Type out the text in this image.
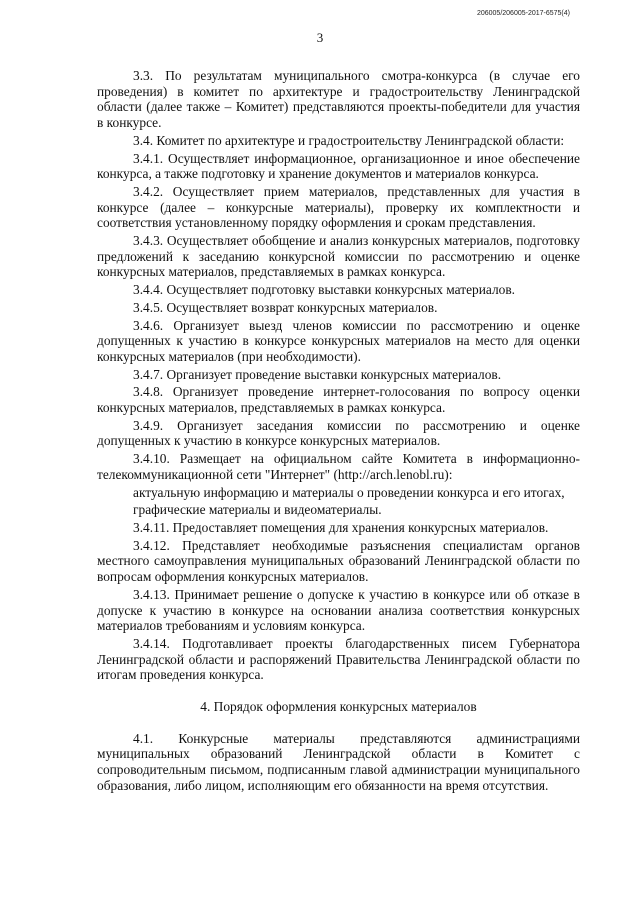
206005/206005-2017-6575(4)
3

3.3. По результатам муниципального смотра-конкурса (в случае его проведения) в комитет по архитектуре и градостроительству Ленинградской области (далее также – Комитет) представляются проекты-победители для участия в конкурсе.

3.4. Комитет по архитектуре и градостроительству Ленинградской области:

3.4.1. Осуществляет информационное, организационное и иное обеспечение конкурса, а также подготовку и хранение документов и материалов конкурса.

3.4.2. Осуществляет прием материалов, представленных для участия в конкурсе (далее – конкурсные материалы), проверку их комплектности и соответствия установленному порядку оформления и срокам представления.

3.4.3. Осуществляет обобщение и анализ конкурсных материалов, подготовку предложений к заседанию конкурсной комиссии по рассмотрению и оценке конкурсных материалов, представляемых в рамках конкурса.

3.4.4. Осуществляет подготовку выставки конкурсных материалов.

3.4.5. Осуществляет возврат конкурсных материалов.

3.4.6. Организует выезд членов комиссии по рассмотрению и оценке допущенных к участию в конкурсе конкурсных материалов на место для оценки конкурсных материалов (при необходимости).

3.4.7. Организует проведение выставки конкурсных материалов.

3.4.8. Организует проведение интернет-голосования по вопросу оценки конкурсных материалов, представляемых в рамках конкурса.

3.4.9. Организует заседания комиссии по рассмотрению и оценке допущенных к участию в конкурсе конкурсных материалов.

3.4.10. Размещает на официальном сайте Комитета в информационно-телекоммуникационной сети "Интернет" (http://arch.lenobl.ru):

актуальную информацию и материалы о проведении конкурса и его итогах,

графические материалы и видеоматериалы.

3.4.11. Предоставляет помещения для хранения конкурсных материалов.

3.4.12. Представляет необходимые разъяснения специалистам органов местного самоуправления муниципальных образований Ленинградской области по вопросам оформления конкурсных материалов.

3.4.13. Принимает решение о допуске к участию в конкурсе или об отказе в допуске к участию в конкурсе на основании анализа соответствия конкурсных материалов требованиям и условиям конкурса.

3.4.14. Подготавливает проекты благодарственных писем Губернатора Ленинградской области и распоряжений Правительства Ленинградской области по итогам проведения конкурса.

4. Порядок оформления конкурсных материалов

4.1. Конкурсные материалы представляются администрациями муниципальных образований Ленинградской области в Комитет с сопроводительным письмом, подписанным главой администрации муниципального образования, либо лицом, исполняющим его обязанности на время отсутствия.
